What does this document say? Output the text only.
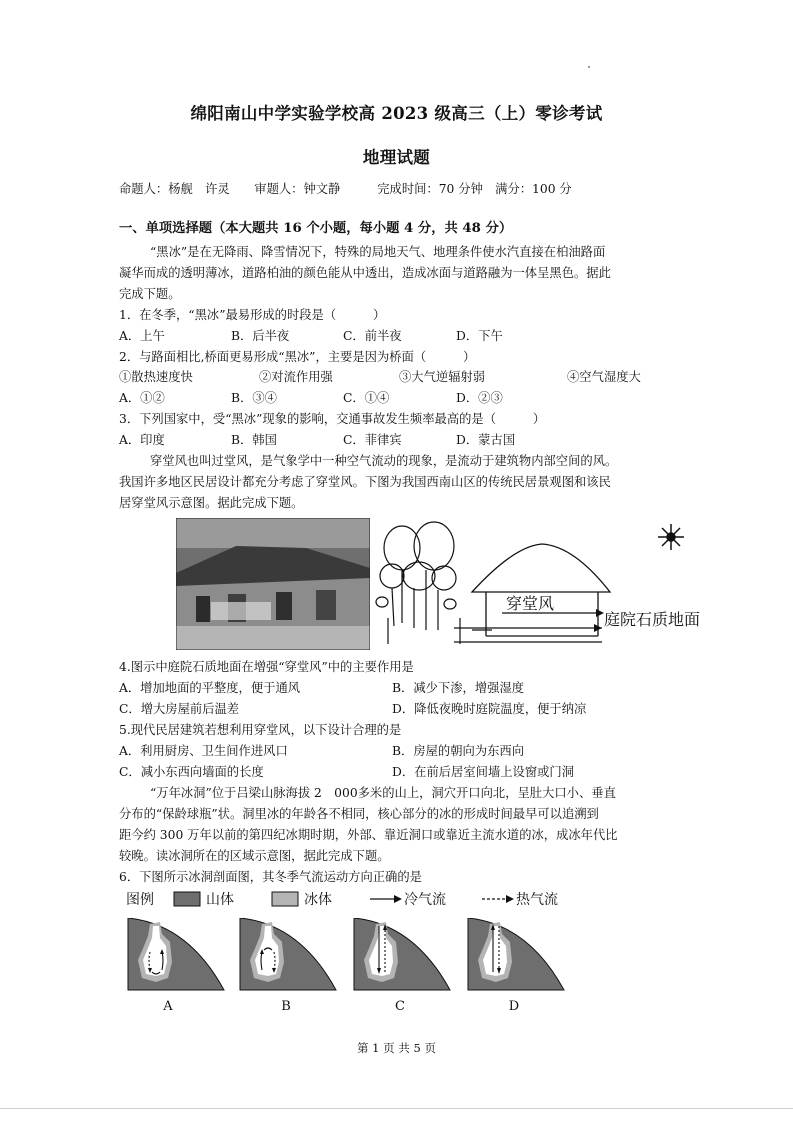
绵阳南山中学实验学校高 2023 级高三（上）零诊考试
地理试题
命题人：杨舰　许灵　　审题人：钟文静　　　完成时间：70 分钟　满分：100 分
一、单项选择题（本大题共 16 个小题，每小题 4 分，共 48 分）
“黑冰”是在无降雨、降雪情况下，特殊的局地天气、地理条件使水汽直接在柏油路面
凝华而成的透明薄冰，道路柏油的颜色能从中透出，造成冰面与道路融为一体呈黑色。据此
完成下题。
1．在冬季，“黑冰”最易形成的时段是（　　　）
A．上午	B．后半夜	C．前半夜	D．下午
2．与路面相比,桥面更易形成“黑冰”，主要是因为桥面（　　　）
①散热速度快	②对流作用强	③大气逆辐射弱	④空气湿度大
A．①②	B．③④	C．①④	D．②③
3．下列国家中，受“黑冰”现象的影响，交通事故发生频率最高的是（　　　）
A．印度	B．韩国	C．菲律宾	D．蒙古国
穿堂风也叫过堂风，是气象学中一种空气流动的现象，是流动于建筑物内部空间的风。
我国许多地区民居设计都充分考虑了穿堂风。下图为我国西南山区的传统民居景观图和该民
居穿堂风示意图。据此完成下题。
穿堂风
庭院石质地面
4.图示中庭院石质地面在增强“穿堂风”中的主要作用是
A．增加地面的平整度，便于通风	B．减少下渗，增强湿度
C．增大房屋前后温差	D．降低夜晚时庭院温度，便于纳凉
5.现代民居建筑若想利用穿堂风，以下设计合理的是
A．利用厨房、卫生间作进风口	B．房屋的朝向为东西向
C．减小东西向墙面的长度	D．在前后居室间墙上设窗或门洞
“万年冰洞”位于吕梁山脉海拔 2　000多米的山上，洞穴开口向北，呈肚大口小、垂直
分布的“保龄球瓶”状。洞里冰的年龄各不相同，核心部分的冰的形成时间最早可以追溯到
距今约 300 万年以前的第四纪冰期时期，外部、靠近洞口或靠近主流水道的冰，成冰年代比
较晚。读冰洞所在的区域示意图，据此完成下题。
6．下图所示冰洞剖面图，其冬季气流运动方向正确的是
图例	山体	冰体	冷气流	热气流
A	B	C	D
第 1 页 共 5 页
